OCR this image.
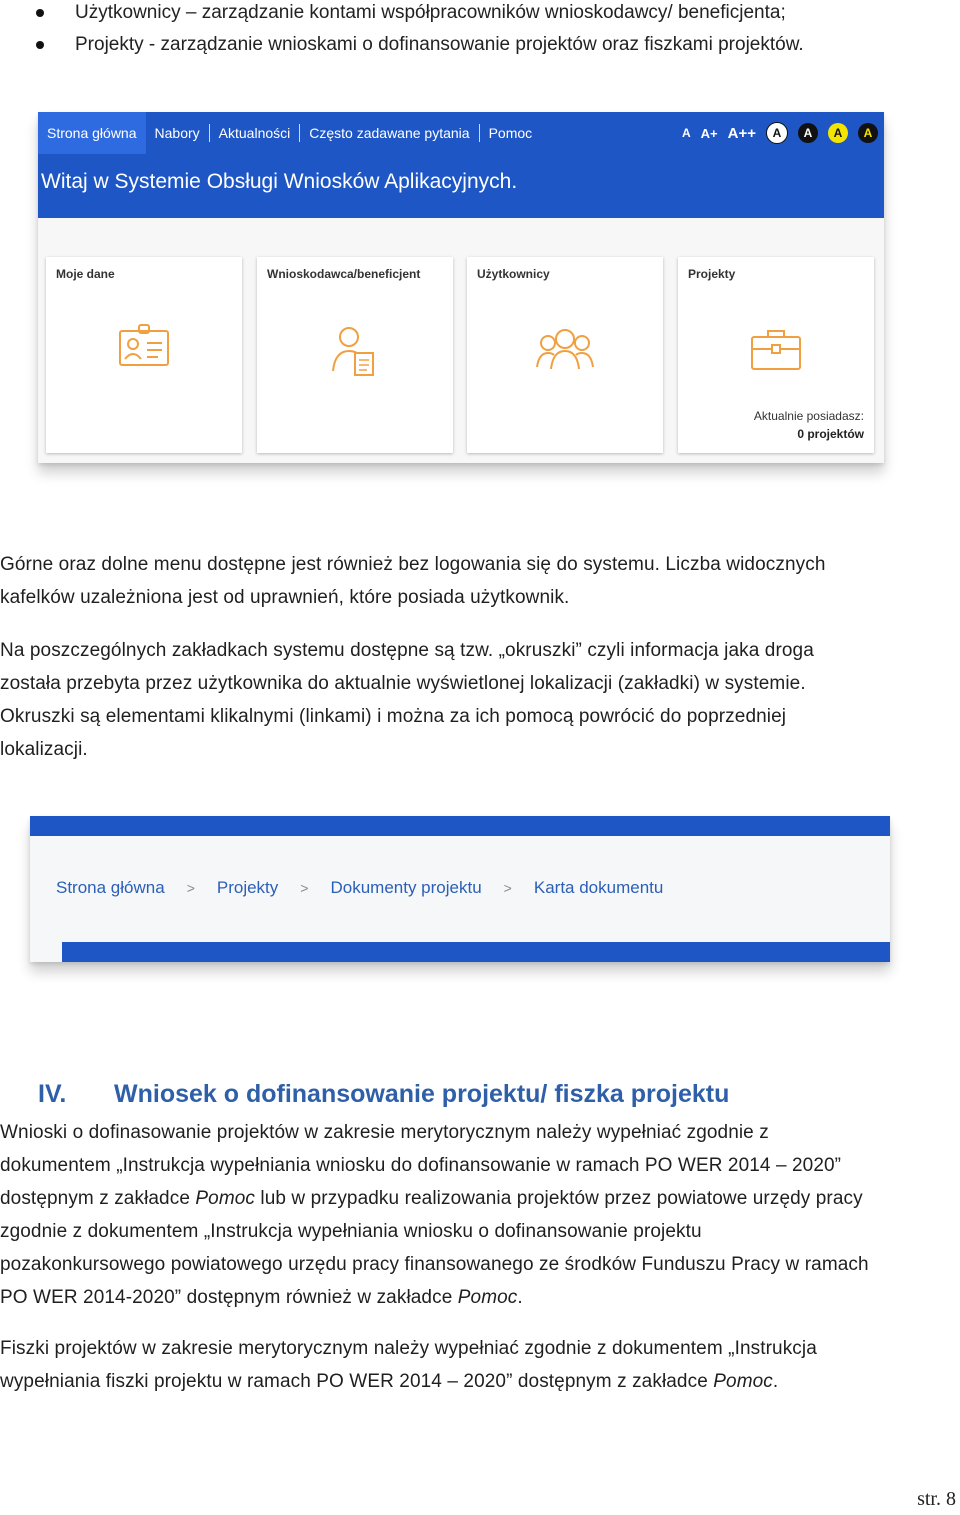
Użytkownicy – zarządzanie kontami współpracowników wnioskodawcy/ beneficjenta;
Projekty - zarządzanie wnioskami o dofinansowanie projektów oraz fiszkami projektów.
Strona główna	Nabory	Aktualności	Często zadawane pytania	Pomoc	A A+ A++	A	A	A	A
Witaj w Systemie Obsługi Wniosków Aplikacyjnych.
Moje dane	Wnioskodawca/beneficjent	Użytkownicy	Projekty
Aktualnie posiadasz:
0 projektów

Górne oraz dolne menu dostępne jest również bez logowania się do systemu. Liczba widocznych

kafelków uzależniona jest od uprawnień, które posiada użytkownik.

Na poszczególnych zakładkach systemu dostępne są tzw. „okruszki” czyli informacja jaka droga

została przebyta przez użytkownika do aktualnie wyświetlonej lokalizacji (zakładki) w systemie.

Okruszki są elementami klikalnymi (linkami) i można za ich pomocą powrócić do poprzedniej

lokalizacji.

Strona główna > Projekty > Dokumenty projektu > Karta dokumentu
IV. Wniosek o dofinansowanie projektu/ fiszka projektu

Wnioski o dofinasowanie projektów w zakresie merytorycznym należy wypełniać zgodnie z

dokumentem „Instrukcja wypełniania wniosku do dofinansowanie w ramach PO WER 2014 – 2020”

dostępnym z zakładce Pomoc lub w przypadku realizowania projektów przez powiatowe urzędy pracy

zgodnie z dokumentem „Instrukcja wypełniania wniosku o dofinansowanie projektu

pozakonkursowego powiatowego urzędu pracy finansowanego ze środków Funduszu Pracy w ramach

PO WER 2014-2020” dostępnym również w zakładce Pomoc.

Fiszki projektów w zakresie merytorycznym należy wypełniać zgodnie z dokumentem „Instrukcja

wypełniania fiszki projektu w ramach PO WER 2014 – 2020” dostępnym z zakładce Pomoc.

str. 8
